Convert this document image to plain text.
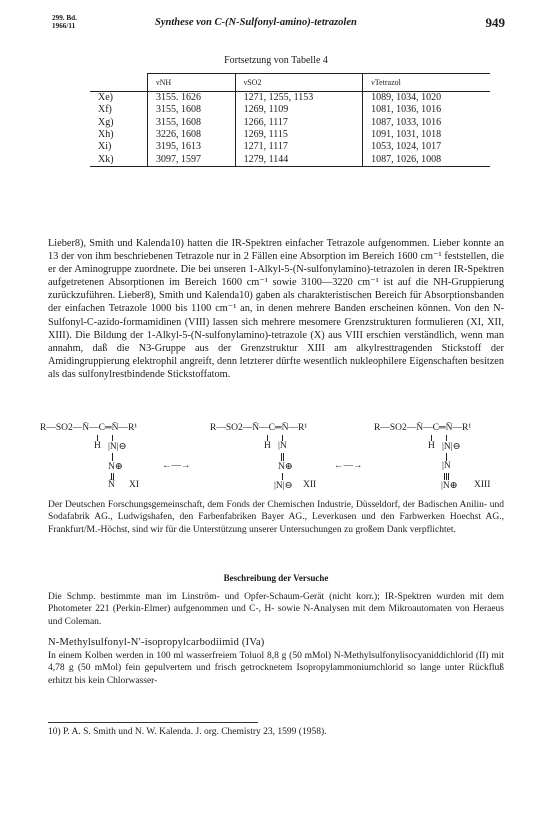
299. Bd.
1966/11	Synthese von C-(N-Sulfonyl-amino)-tetrazolen	949
Fortsetzung von Tabelle 4
	νNH	νSO2	νTetrazol
Xe)	3155. 1626	1271, 1255, 1153	1089, 1034, 1020
Xf)	3155, 1608	1269, 1109	1081, 1036, 1016
Xg)	3155, 1608	1266, 1117	1087, 1033, 1016
Xh)	3226, 1608	1269, 1115	1091, 1031, 1018
Xi)	3195, 1613	1271, 1117	1053, 1024, 1017
Xk)	3097, 1597	1279, 1144	1087, 1026, 1008
Lieber8), Smith und Kalenda10) hatten die IR-Spektren einfacher Tetrazole aufgenommen. Lieber konnte an 13 der von ihm beschriebenen Tetrazole nur in 2 Fällen eine Absorption im Bereich 1600 cm⁻¹ feststellen, die er der Aminogruppe zuordnete. Die bei unseren 1-Alkyl-5-(N-sulfonylamino)-tetrazolen in deren IR-Spektren aufgetretenen Absorptionen im Bereich 1600 cm⁻¹ sowie 3100—3220 cm⁻¹ ist auf die NH-Gruppierung zurückzuführen. Lieber8), Smith und Kalenda10) gaben als charakteristischen Bereich für Absorptionsbanden der einfachen Tetrazole 1000 bis 1100 cm⁻¹ an, in denen mehrere Banden erscheinen können. Von den N-Sulfonyl-C-azido-formamidinen (VIII) lassen sich mehrere mesomere Grenzstrukturen formulieren (XI, XII, XIII). Die Bildung der 1-Alkyl-5-(N-sulfonylamino)-tetrazole (X) aus VIII erschien verständlich, wenn man annahm, daß die N3-Gruppe aus der Grenzstruktur XIII am alkylresttragenden Stickstoff der Amidingruppierung elektrophil angreift, denn letzterer dürfte wesentlich nukleophilere Eigenschaften besitzen als das sulfonylrestbindende Stickstoffatom.
R—SO2—N̄—C═N̄—R¹
H |N|⊖
N⊕
N̄ XI
←—→
R—SO2—N̄—C═N̄—R¹
H |N
N⊕
|N|⊖ XII
←—→
R—SO2—N̄—C═N̄—R¹
H |N|⊖
|N
|N⊕ XIII
Der Deutschen Forschungsgemeinschaft, dem Fonds der Chemischen Industrie, Düsseldorf, der Badischen Anilin- und Sodafabrik AG., Ludwigshafen, den Farbenfabriken Bayer AG., Leverkusen und den Farbwerken Hoechst AG., Frankfurt/M.-Höchst, sind wir für die Unterstützung unserer Untersuchungen zu großem Dank verpflichtet.
Beschreibung der Versuche
Die Schmp. bestimmte man im Linström- und Opfer-Schaum-Gerät (nicht korr.); IR-Spektren wurden mit dem Photometer 221 (Perkin-Elmer) aufgenommen und C-, H- sowie N-Analysen mit dem Mikroautomaten von Heraeus und Coleman.
N-Methylsulfonyl-N′-isopropylcarbodiimid (IVa)
In einem Kolben werden in 100 ml wasserfreiem Toluol 8,8 g (50 mMol) N-Methylsulfonylisocyaniddichlorid (II) mit 4,78 g (50 mMol) fein gepulvertem und frisch getrocknetem Isopropylammoniumchlorid so lange unter Rückfluß erhitzt bis kein Chlorwasser-
10) P. A. S. Smith und N. W. Kalenda. J. org. Chemistry 23, 1599 (1958).
